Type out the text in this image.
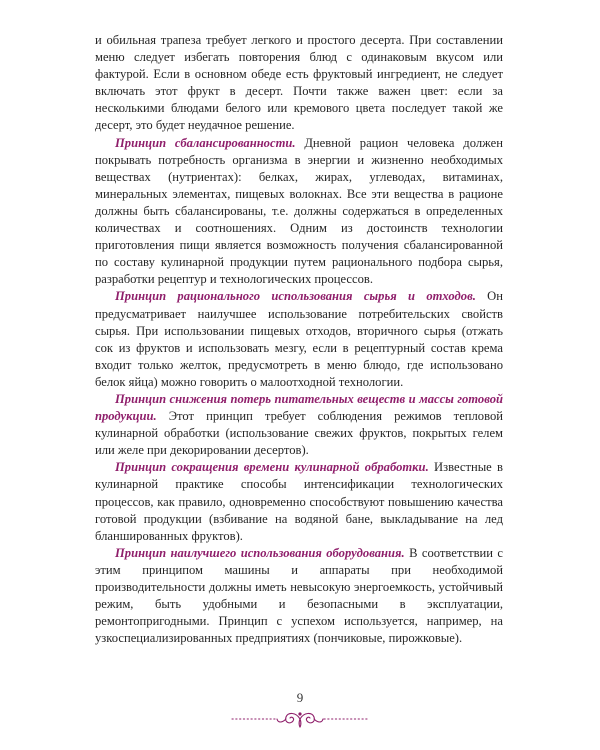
и обильная трапеза требует легкого и простого десерта. При составлении меню следует избегать повторения блюд с одинаковым вкусом или фактурой. Если в основном обеде есть фруктовый ингредиент, не следует включать этот фрукт в десерт. Почти также важен цвет: если за несколькими блюдами белого или кремового цвета последует такой же десерт, это будет неудачное решение.

Принцип сбалансированности. Дневной рацион человека должен покрывать потребность организма в энергии и жизненно необходимых веществах (нутриентах): белках, жирах, углеводах, витаминах, минеральных элементах, пищевых волокнах. Все эти вещества в рационе должны быть сбалансированы, т.е. должны содержаться в определенных количествах и соотношениях. Одним из достоинств технологии приготовления пищи является возможность получения сбалансированной по составу кулинарной продукции путем рационального подбора сырья, разработки рецептур и технологических процессов.

Принцип рационального использования сырья и отходов. Он предусматривает наилучшее использование потребительских свойств сырья. При использовании пищевых отходов, вторичного сырья (отжать сок из фруктов и использовать мезгу, если в рецептурный состав крема входит только желток, предусмотреть в меню блюдо, где использовано белок яйца) можно говорить о малоотходной технологии.

Принцип снижения потерь питательных веществ и массы готовой продукции. Этот принцип требует соблюдения режимов тепловой кулинарной обработки (использование свежих фруктов, покрытых гелем или желе при декорировании десертов).

Принцип сокращения времени кулинарной обработки. Известные в кулинарной практике способы интенсификации технологических процессов, как правило, одновременно способствуют повышению качества готовой продукции (взбивание на водяной бане, выкладывание на лед бланшированных фруктов).

Принцип наилучшего использования оборудования. В соответствии с этим принципом машины и аппараты при необходимой производительности должны иметь невысокую энергоемкость, устойчивый режим, быть удобными и безопасными в эксплуатации, ремонтопригодными. Принцип с успехом используется, например, на узкоспециализированных предприятиях (пончиковые, пирожковые).

9
